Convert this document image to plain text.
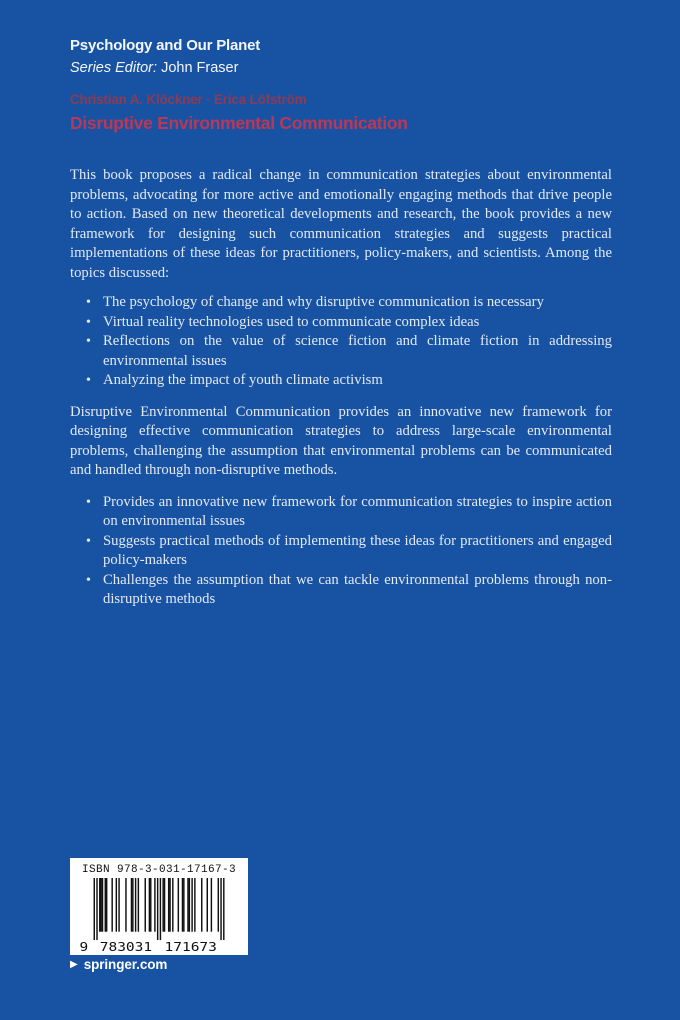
Psychology and Our Planet
Series Editor: John Fraser
Christian A. Klöckner · Erica Löfström
Disruptive Environmental Communication

This book proposes a radical change in communication strategies about environmental problems, advocating for more active and emotionally engaging methods that drive people to action. Based on new theoretical developments and research, the book provides a new framework for designing such communication strategies and suggests practical implementations of these ideas for practitioners, policy-makers, and scientists. Among the topics discussed:

• The psychology of change and why disruptive communication is necessary
• Virtual reality technologies used to communicate complex ideas
• Reflections on the value of science fiction and climate fiction in addressing environmental issues
• Analyzing the impact of youth climate activism

Disruptive Environmental Communication provides an innovative new framework for designing effective communication strategies to address large-scale environmental problems, challenging the assumption that environmental problems can be communicated and handled through non-disruptive methods.

• Provides an innovative new framework for communication strategies to inspire action on environmental issues
• Suggests practical methods of implementing these ideas for practitioners and engaged policy-makers
• Challenges the assumption that we can tackle environmental problems through non-disruptive methods
ISBN 978-3-031-17167-3
9 783031 171673
▶ springer.com
